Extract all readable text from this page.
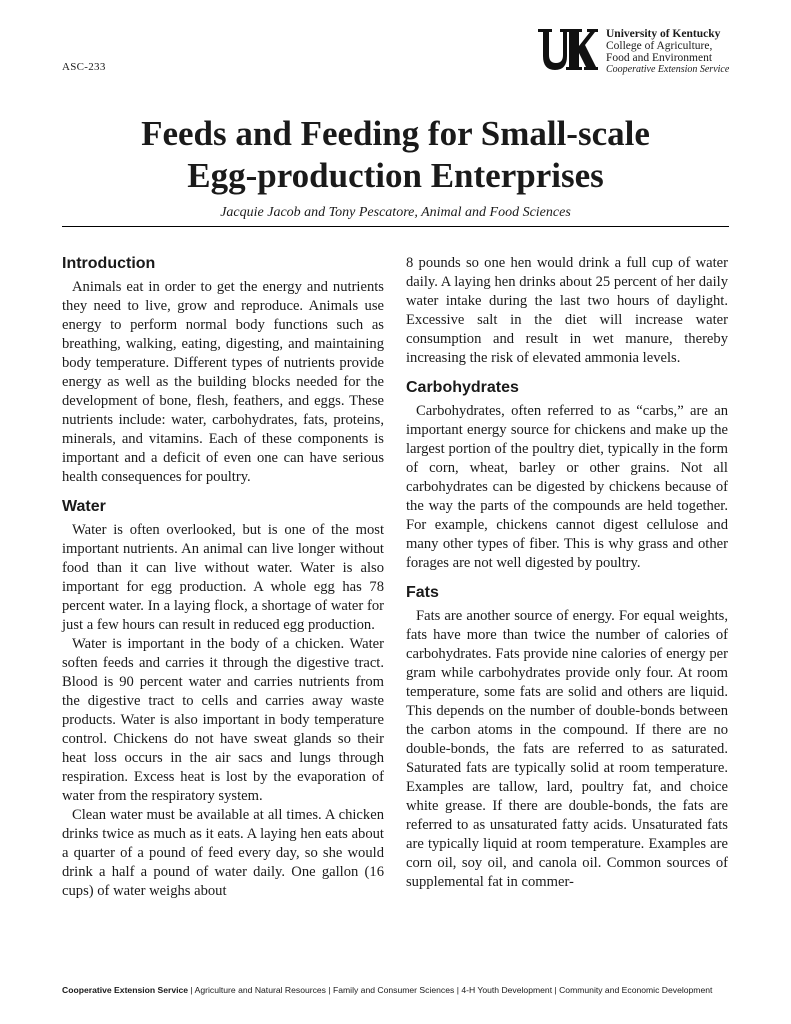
ASC-233
University of Kentucky
College of Agriculture,
Food and Environment
Cooperative Extension Service
Feeds and Feeding for Small-scale
Egg-production Enterprises
Jacquie Jacob and Tony Pescatore, Animal and Food Sciences
Introduction

Animals eat in order to get the energy and nutrients they need to live, grow and reproduce. Animals use energy to perform normal body functions such as breathing, walking, eating, digesting, and maintaining body temperature. Different types of nutrients provide energy as well as the building blocks needed for the development of bone, flesh, feathers, and eggs. These nutrients include: water, carbohydrates, fats, proteins, minerals, and vitamins. Each of these components is important and a deficit of even one can have serious health consequences for poultry.

Water

Water is often overlooked, but is one of the most important nutrients. An animal can live longer without food than it can live without water. Water is also important for egg production. A whole egg has 78 percent water. In a laying flock, a shortage of water for just a few hours can result in reduced egg production.

Water is important in the body of a chicken. Water soften feeds and carries it through the digestive tract. Blood is 90 percent water and carries nutrients from the digestive tract to cells and carries away waste products. Water is also important in body temperature control. Chickens do not have sweat glands so their heat loss occurs in the air sacs and lungs through respiration. Excess heat is lost by the evaporation of water from the respiratory system.

Clean water must be available at all times. A chicken drinks twice as much as it eats. A laying hen eats about a quarter of a pound of feed every day, so she would drink a half a pound of water daily. One gallon (16 cups) of water weighs about

8 pounds so one hen would drink a full cup of water daily. A laying hen drinks about 25 percent of her daily water intake during the last two hours of daylight. Excessive salt in the diet will increase water consumption and result in wet manure, thereby increasing the risk of elevated ammonia levels.

Carbohydrates

Carbohydrates, often referred to as “carbs,” are an important energy source for chickens and make up the largest portion of the poultry diet, typically in the form of corn, wheat, barley or other grains. Not all carbohydrates can be digested by chickens because of the way the parts of the compounds are held together. For example, chickens cannot digest cellulose and many other types of fiber. This is why grass and other forages are not well digested by poultry.

Fats

Fats are another source of energy. For equal weights, fats have more than twice the number of calories of carbohydrates. Fats provide nine calories of energy per gram while carbohydrates provide only four. At room temperature, some fats are solid and others are liquid. This depends on the number of double-bonds between the carbon atoms in the compound. If there are no double-bonds, the fats are referred to as saturated. Saturated fats are typically solid at room temperature. Examples are tallow, lard, poultry fat, and choice white grease. If there are double-bonds, the fats are referred to as unsaturated fatty acids. Unsaturated fats are typically liquid at room temperature. Examples are corn oil, soy oil, and canola oil. Common sources of supplemental fat in commer-

Cooperative Extension Service | Agriculture and Natural Resources | Family and Consumer Sciences | 4-H Youth Development | Community and Economic Development
